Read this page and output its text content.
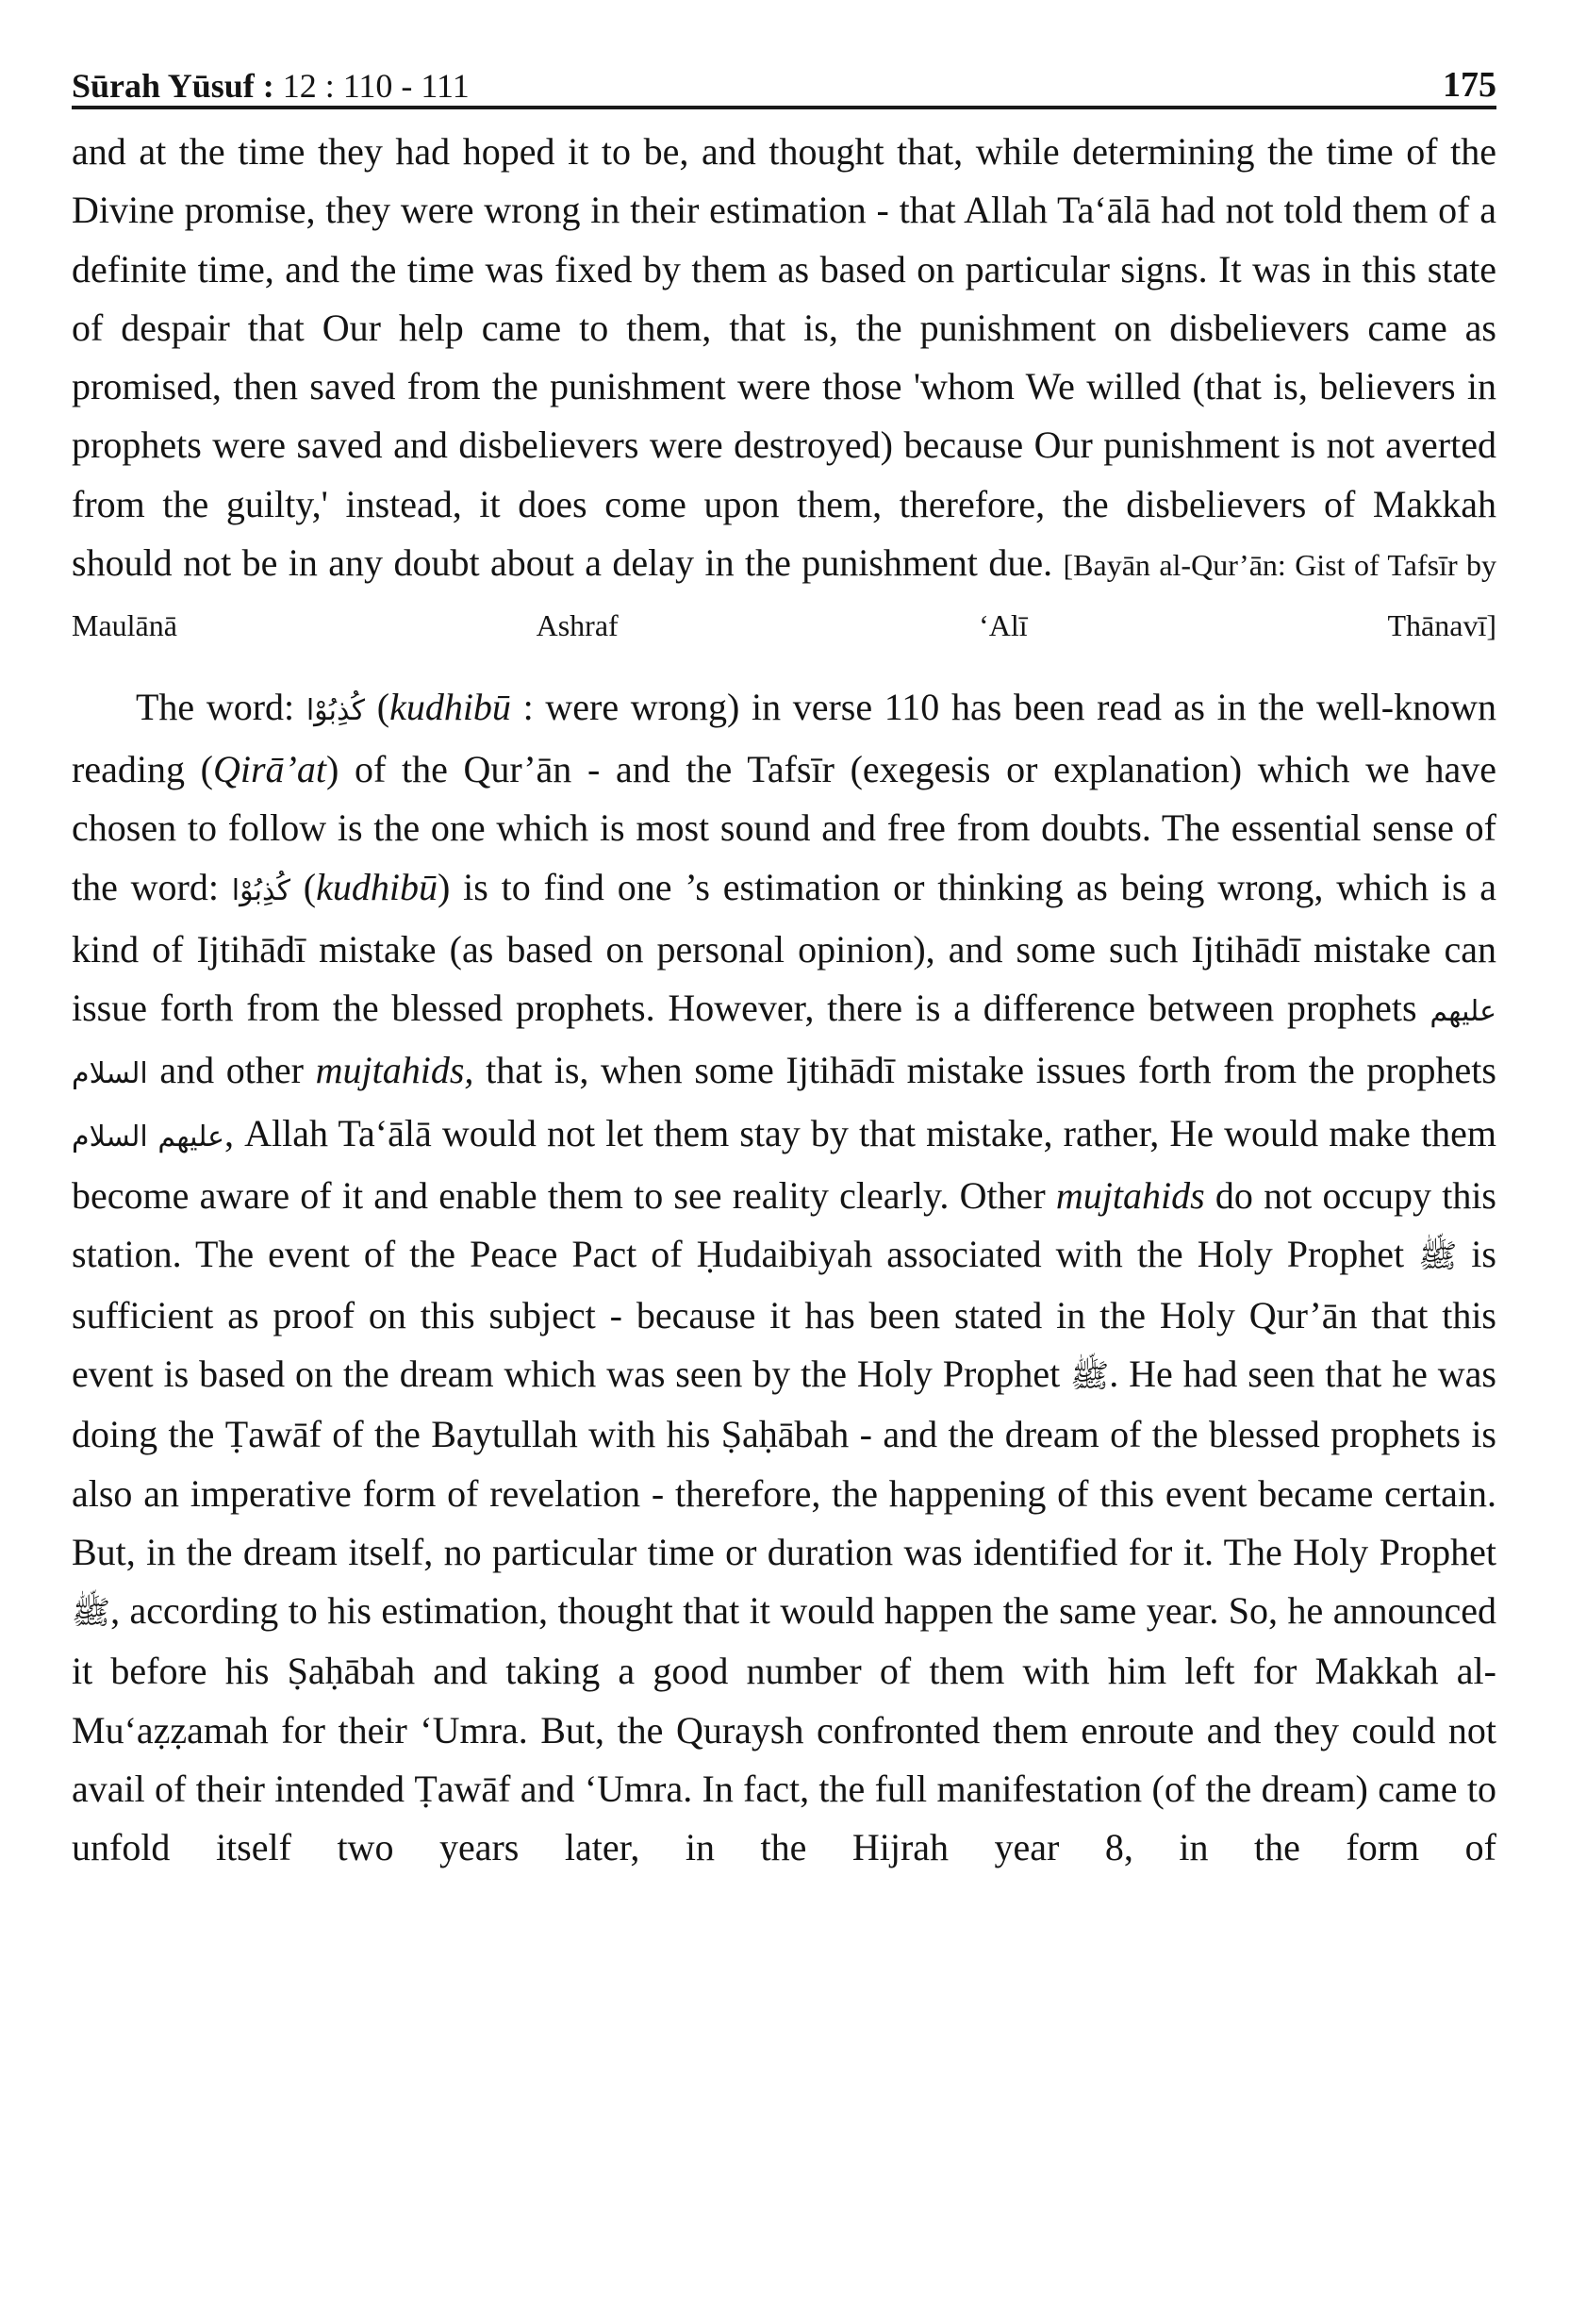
Sūrah Yūsuf : 12 : 110 - 111	175

and at the time they had hoped it to be, and thought that, while determining the time of the Divine promise, they were wrong in their estimation - that Allah Ta‘ālā had not told them of a definite time, and the time was fixed by them as based on particular signs. It was in this state of despair that Our help came to them, that is, the punishment on disbelievers came as promised, then saved from the punishment were those 'whom We willed (that is, believers in prophets were saved and disbelievers were destroyed) because Our punishment is not averted from the guilty,' instead, it does come upon them, therefore, the disbelievers of Makkah should not be in any doubt about a delay in the punishment due. [Bayān al-Qur’ān: Gist of Tafsīr by Maulānā Ashraf ‘Alī Thānavī]

The word: كُذِبُوْا (kudhibū : were wrong) in verse 110 has been read as in the well-known reading (Qirā’at) of the Qur’ān - and the Tafsīr (exegesis or explanation) which we have chosen to follow is the one which is most sound and free from doubts. The essential sense of the word: كُذِبُوْا (kudhibū) is to find one ’s estimation or thinking as being wrong, which is a kind of Ijtihādī mistake (as based on personal opinion), and some such Ijtihādī mistake can issue forth from the blessed prophets. However, there is a difference between prophets عليهم السلام and other mujtahids, that is, when some Ijtihādī mistake issues forth from the prophets عليهم السلام, Allah Ta‘ālā would not let them stay by that mistake, rather, He would make them become aware of it and enable them to see reality clearly. Other mujtahids do not occupy this station. The event of the Peace Pact of Ḥudaibiyah associated with the Holy Prophet ﷺ is sufficient as proof on this subject - because it has been stated in the Holy Qur’ān that this event is based on the dream which was seen by the Holy Prophet ﷺ. He had seen that he was doing the Ṭawāf of the Baytullah with his Ṣaḥābah - and the dream of the blessed prophets is also an imperative form of revelation - therefore, the happening of this event became certain. But, in the dream itself, no particular time or duration was identified for it. The Holy Prophet ﷺ, according to his estimation, thought that it would happen the same year. So, he announced it before his Ṣaḥābah and taking a good number of them with him left for Makkah al-Mu‘aẓẓamah for their ‘Umra. But, the Quraysh confronted them enroute and they could not avail of their intended Ṭawāf and ‘Umra. In fact, the full manifestation (of the dream) came to unfold itself two years later, in the Hijrah year 8, in the form of
